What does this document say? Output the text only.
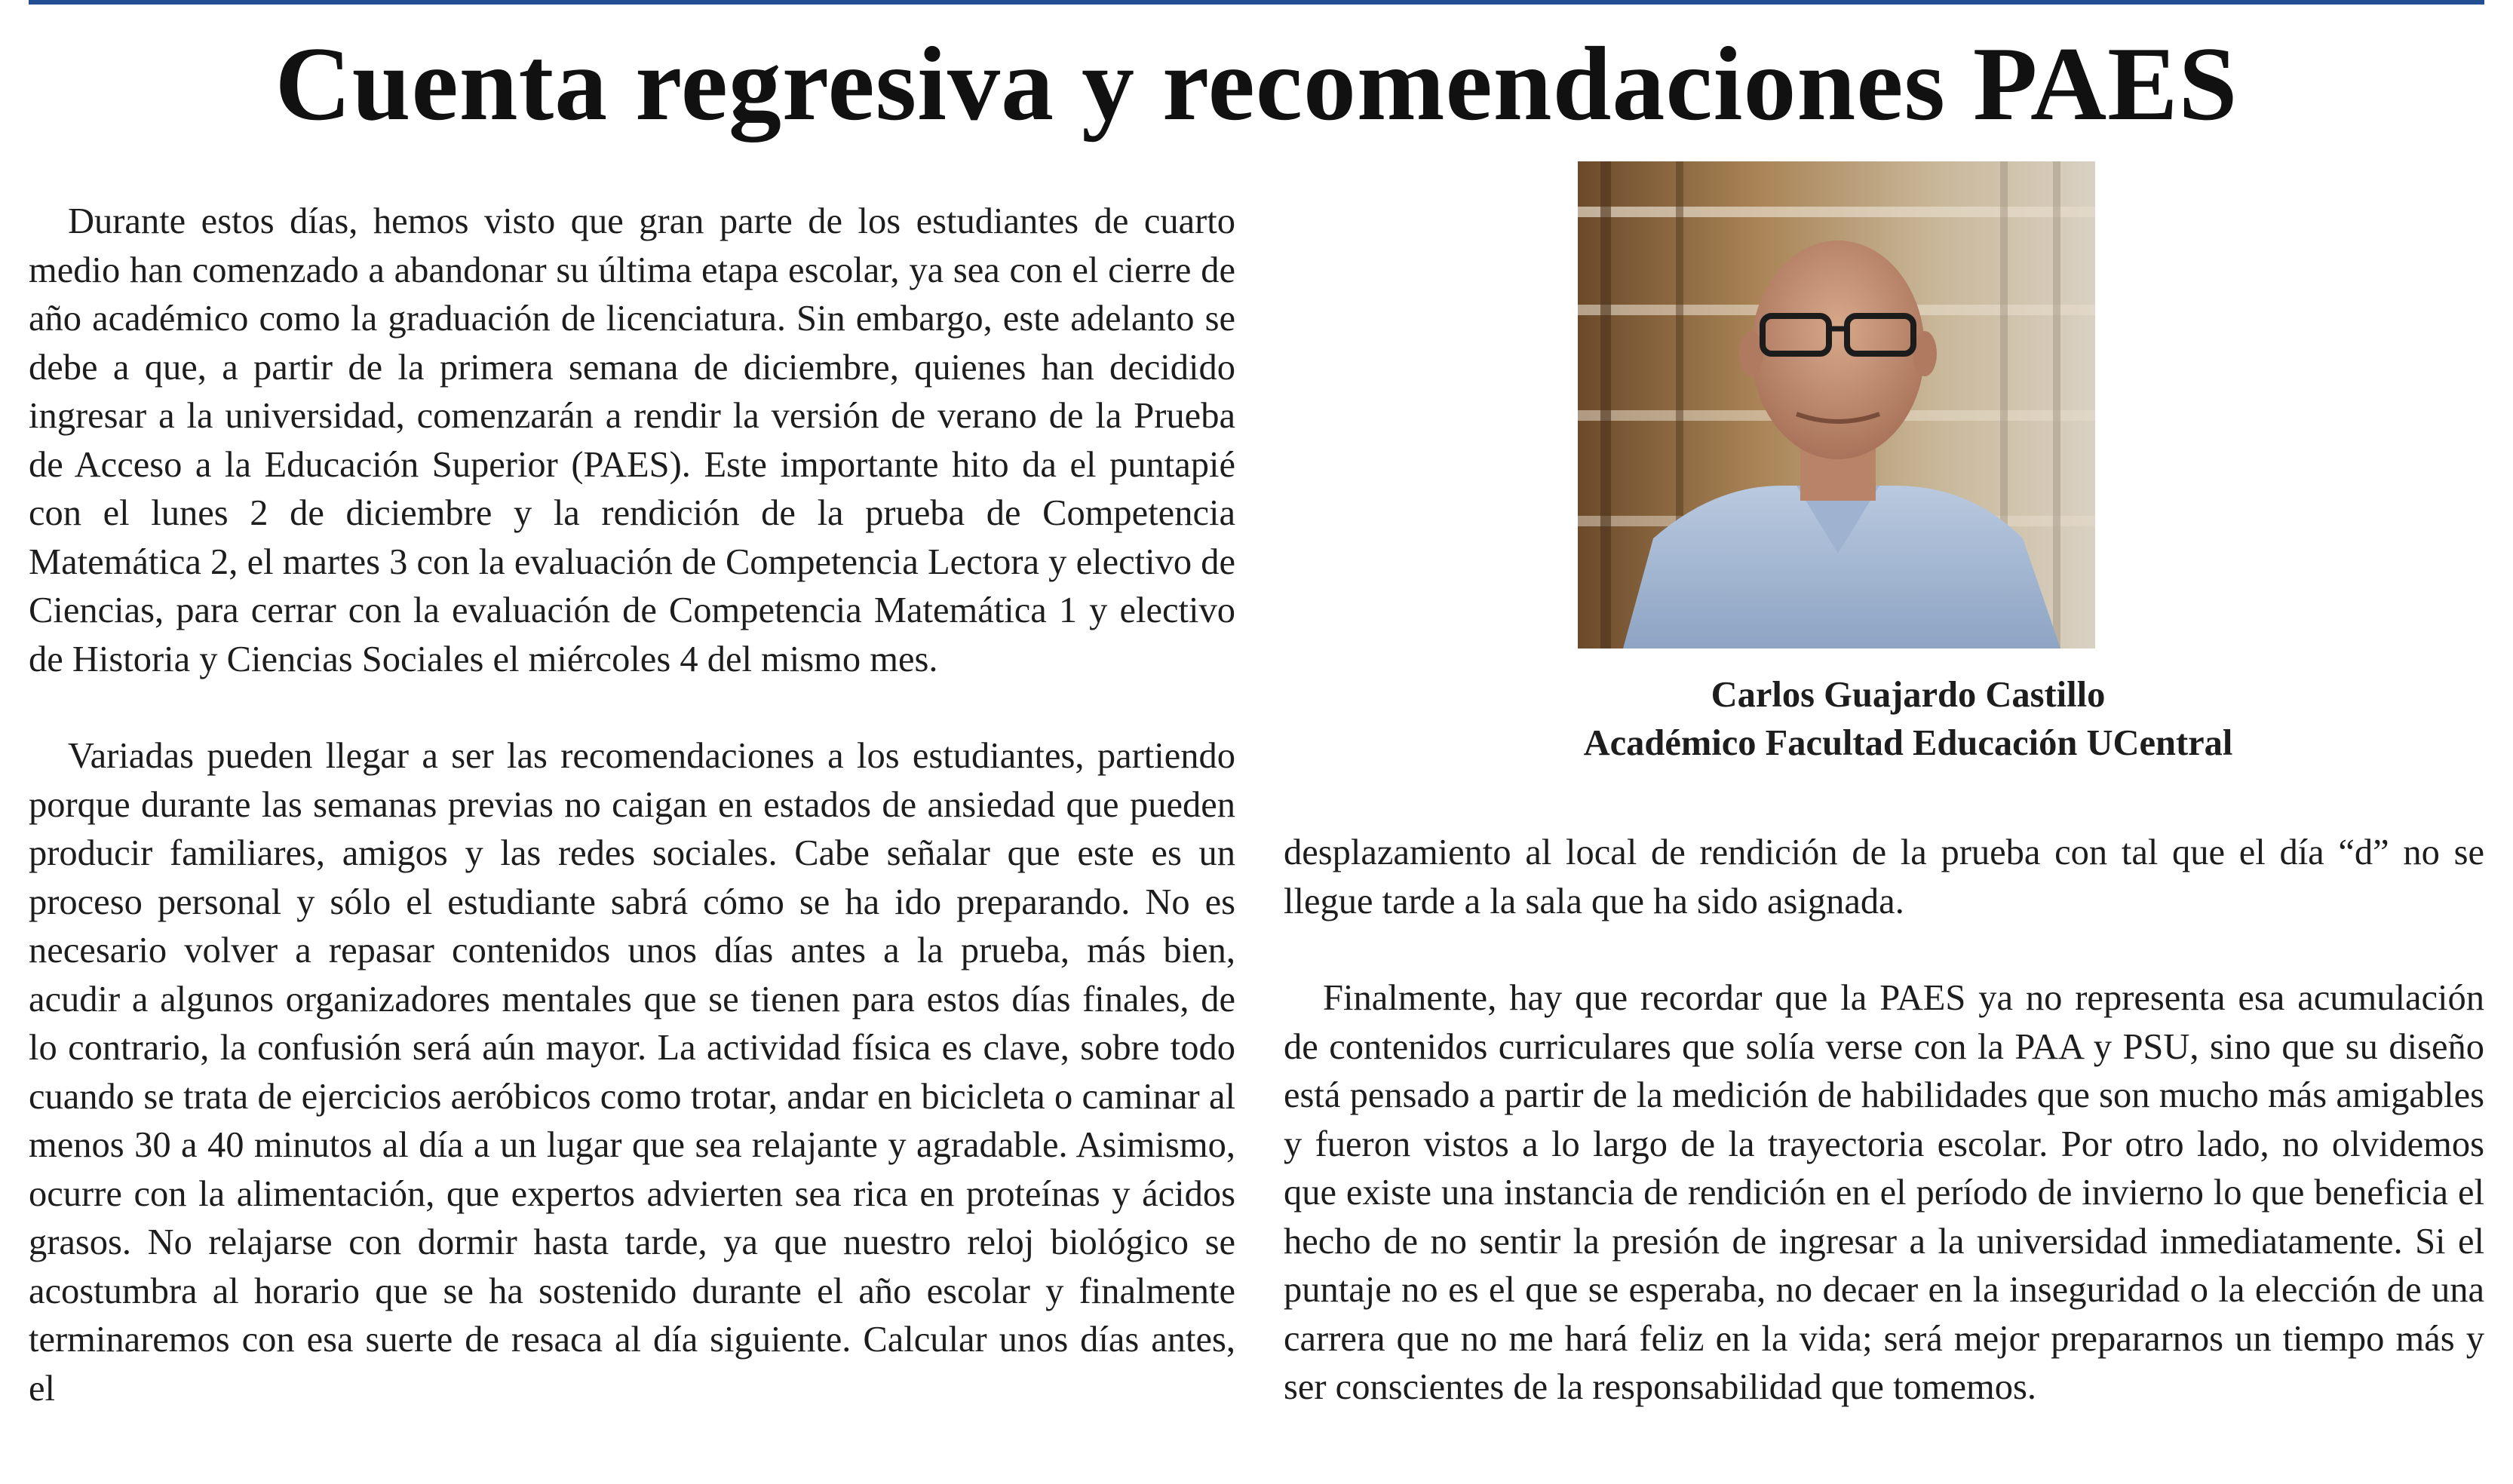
Cuenta regresiva y recomendaciones PAES

Durante estos días, hemos visto que gran parte de los estudiantes de cuarto medio han comenzado a abandonar su última etapa escolar, ya sea con el cierre de año académico como la graduación de licenciatura. Sin embargo, este adelanto se debe a que, a partir de la primera semana de diciembre, quienes han decidido ingresar a la universidad, comenzarán a rendir la versión de verano de la Prueba de Acceso a la Educación Superior (PAES). Este importante hito da el puntapié con el lunes 2 de diciembre y la rendición de la prueba de Competencia Matemática 2, el martes 3 con la evaluación de Competencia Lectora y electivo de Ciencias, para cerrar con la evaluación de Competencia Matemática 1 y electivo de Historia y Ciencias Sociales el miércoles 4 del mismo mes.

Variadas pueden llegar a ser las recomendaciones a los estudiantes, partiendo porque durante las semanas previas no caigan en estados de ansiedad que pueden producir familiares, amigos y las redes sociales. Cabe señalar que este es un proceso personal y sólo el estudiante sabrá cómo se ha ido preparando. No es necesario volver a repasar contenidos unos días antes a la prueba, más bien, acudir a algunos organizadores mentales que se tienen para estos días finales, de lo contrario, la confusión será aún mayor. La actividad física es clave, sobre todo cuando se trata de ejercicios aeróbicos como trotar, andar en bicicleta o caminar al menos 30 a 40 minutos al día a un lugar que sea relajante y agradable. Asimismo, ocurre con la alimentación, que expertos advierten sea rica en proteínas y ácidos grasos. No relajarse con dormir hasta tarde, ya que nuestro reloj biológico se acostumbra al horario que se ha sostenido durante el año escolar y finalmente terminaremos con esa suerte de resaca al día siguiente. Calcular unos días antes, el

Carlos Guajardo Castillo
Académico Facultad Educación UCentral

desplazamiento al local de rendición de la prueba con tal que el día “d” no se llegue tarde a la sala que ha sido asignada.

Finalmente, hay que recordar que la PAES ya no representa esa acumulación de contenidos curriculares que solía verse con la PAA y PSU, sino que su diseño está pensado a partir de la medición de habilidades que son mucho más amigables y fueron vistos a lo largo de la trayectoria escolar. Por otro lado, no olvidemos que existe una instancia de rendición en el período de invierno lo que beneficia el hecho de no sentir la presión de ingresar a la universidad inmediatamente. Si el puntaje no es el que se esperaba, no decaer en la inseguridad o la elección de una carrera que no me hará feliz en la vida; será mejor prepararnos un tiempo más y ser conscientes de la responsabilidad que tomemos.
